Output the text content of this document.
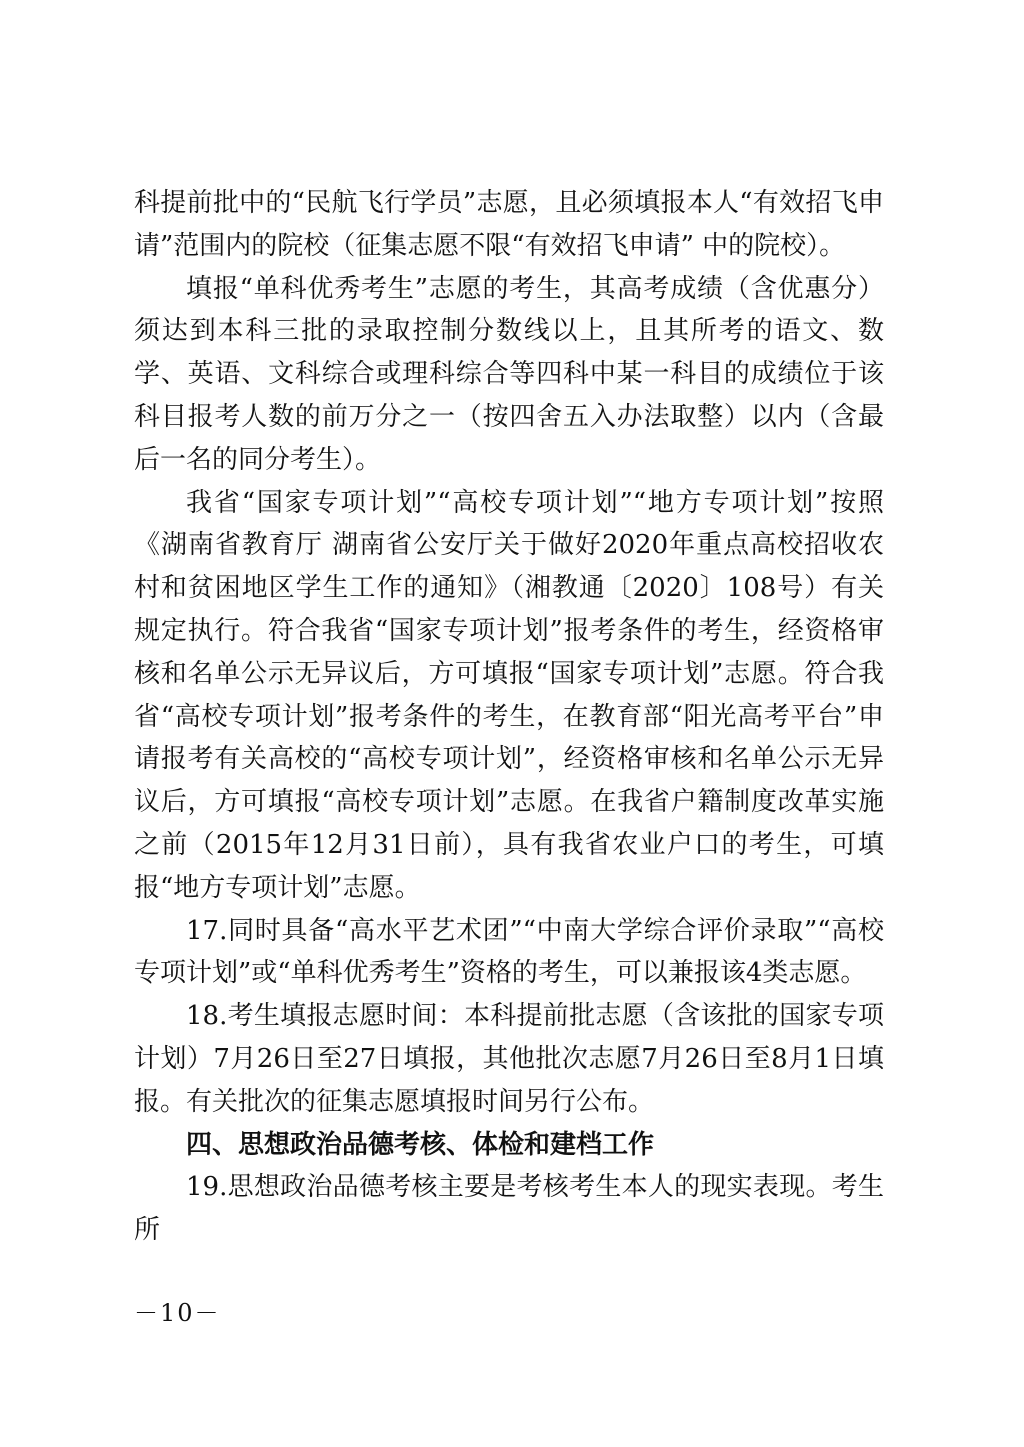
科提前批中的“民航飞行学员”志愿，且必须填报本人“有效招飞申请”范围内的院校（征集志愿不限“有效招飞申请” 中的院校）。

填报“单科优秀考生”志愿的考生，其高考成绩（含优惠分）须达到本科三批的录取控制分数线以上，且其所考的语文、数学、英语、文科综合或理科综合等四科中某一科目的成绩位于该科目报考人数的前万分之一（按四舍五入办法取整）以内（含最后一名的同分考生）。

我省“国家专项计划”“高校专项计划”“地方专项计划”按照《湖南省教育厅 湖南省公安厅关于做好2020年重点高校招收农村和贫困地区学生工作的通知》（湘教通〔2020〕108号）有关规定执行。符合我省“国家专项计划”报考条件的考生，经资格审核和名单公示无异议后，方可填报“国家专项计划”志愿。符合我省“高校专项计划”报考条件的考生，在教育部“阳光高考平台”申请报考有关高校的“高校专项计划”，经资格审核和名单公示无异议后，方可填报“高校专项计划”志愿。在我省户籍制度改革实施之前（2015年12月31日前），具有我省农业户口的考生，可填报“地方专项计划”志愿。

17.同时具备“高水平艺术团”“中南大学综合评价录取”“高校专项计划”或“单科优秀考生”资格的考生，可以兼报该4类志愿。

18.考生填报志愿时间：本科提前批志愿（含该批的国家专项计划）7月26日至27日填报，其他批次志愿7月26日至8月1日填报。有关批次的征集志愿填报时间另行公布。

四、思想政治品德考核、体检和建档工作

19.思想政治品德考核主要是考核考生本人的现实表现。考生所

－10－
